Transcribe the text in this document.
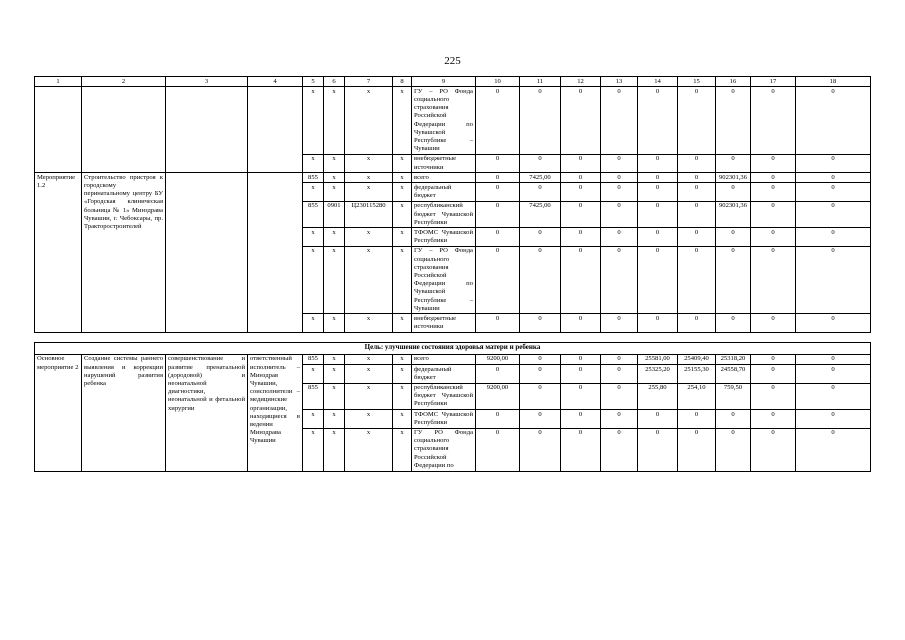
225
1	2	3	4	5	6	7	8	9	10	11	12	13	14	15	16	17	18
				x	x	x	x	ГУ – РО Фонда социального страхования Российской Федерации по Чувашской Республике – Чувашии	0	0	0	0	0	0	0	0	0
				x	x	x	x	внебюджетные источники	0	0	0	0	0	0	0	0	0
Мероприятие 1.2	Строительство пристроя к городскому перинатальному центру БУ «Городская клиническая больница № 1» Минздрава Чувашии, г. Чебоксары, пр. Тракторостроителей			855	x	x	x	всего	0	7425,00	0	0	0	0	902301,36	0	0
				x	x	x	x	федеральный бюджет	0	0	0	0	0	0	0	0	0
				855	0901	Ц230115280	x	республиканский бюджет Чувашской Республики	0	7425,00	0	0	0	0	902301,36	0	0
				x	x	x	x	ТФОМС Чувашской Республики	0	0	0	0	0	0	0	0	0
				x	x	x	x	ГУ – РО Фонда социального страхования Российской Федерации по Чувашской Республике – Чувашии	0	0	0	0	0	0	0	0	0
				x	x	x	x	внебюджетные источники	0	0	0	0	0	0	0	0	0

Цель: улучшение состояния здоровья матери и ребенка																	
Основное мероприятие 2	Создание системы раннего выявления и коррекции нарушений развития ребенка	совершенствование и развитие пренатальной (дородовой) и неонатальной диагностики, неонатальной и фетальной хирургии	ответственный исполнитель – Минздрав Чувашии, соисполнители – медицинские организации, находящиеся в ведении Минздрава Чувашии	855	x	x	x	всего	9200,00	0	0	0	25581,00	25409,40	25318,20	0	0
				x	x	x	x	федеральный бюджет	0	0	0	0	25325,20	25155,30	24558,70	0	0
				855	x	x	x	республиканский бюджет Чувашской Республики	9200,00	0	0	0	255,80	254,10	759,50	0	0
				x	x	x	x	ТФОМС Чувашской Республики	0	0	0	0	0	0	0	0	0
				x	x	x	x	ГУ РО Фонда социального страхования Российской Федерации по	0	0	0	0	0	0	0	0	0
